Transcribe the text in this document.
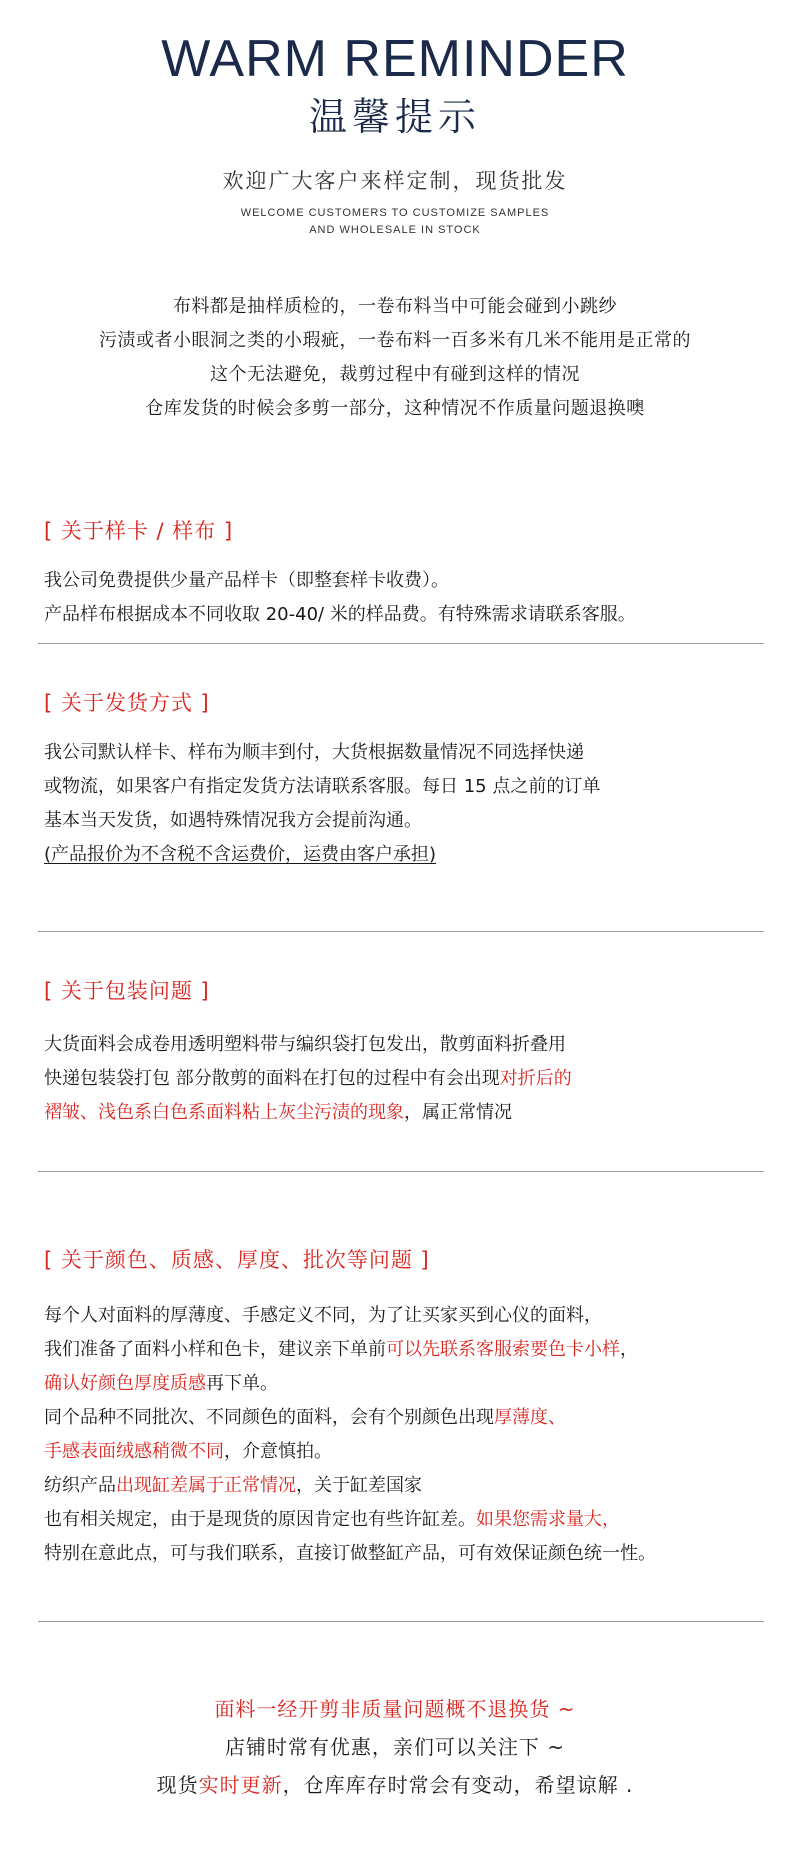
WARM REMINDER
温馨提示
欢迎广大客户来样定制，现货批发
WELCOME CUSTOMERS TO CUSTOMIZE SAMPLES
AND WHOLESALE IN STOCK

布料都是抽样质检的，一卷布料当中可能会碰到小跳纱

污渍或者小眼洞之类的小瑕疵，一卷布料一百多米有几米不能用是正常的

这个无法避免，裁剪过程中有碰到这样的情况

仓库发货的时候会多剪一部分，这种情况不作质量问题退换噢

[ 关于样卡 / 样布 ]

我公司免费提供少量产品样卡（即整套样卡收费）。

产品样布根据成本不同收取 20-40/ 米的样品费。有特殊需求请联系客服。

[ 关于发货方式 ]

我公司默认样卡、样布为顺丰到付，大货根据数量情况不同选择快递

或物流，如果客户有指定发货方法请联系客服。每日 15 点之前的订单

基本当天发货，如遇特殊情况我方会提前沟通。

(产品报价为不含税不含运费价，运费由客户承担)

[ 关于包装问题 ]

大货面料会成卷用透明塑料带与编织袋打包发出，散剪面料折叠用

快递包装袋打包 部分散剪的面料在打包的过程中有会出现对折后的

褶皱、浅色系白色系面料粘上灰尘污渍的现象，属正常情况

[ 关于颜色、质感、厚度、批次等问题 ]

每个人对面料的厚薄度、手感定义不同，为了让买家买到心仪的面料，

我们准备了面料小样和色卡，建议亲下单前可以先联系客服索要色卡小样，

确认好颜色厚度质感再下单。

同个品种不同批次、不同颜色的面料，会有个别颜色出现厚薄度、

手感表面绒感稍微不同，介意慎拍。

纺织产品出现缸差属于正常情况，关于缸差国家

也有相关规定，由于是现货的原因肯定也有些许缸差。如果您需求量大，

特别在意此点，可与我们联系，直接订做整缸产品，可有效保证颜色统一性。

面料一经开剪非质量问题概不退换货 ~

店铺时常有优惠，亲们可以关注下 ~

现货实时更新，仓库库存时常会有变动，希望谅解 .
